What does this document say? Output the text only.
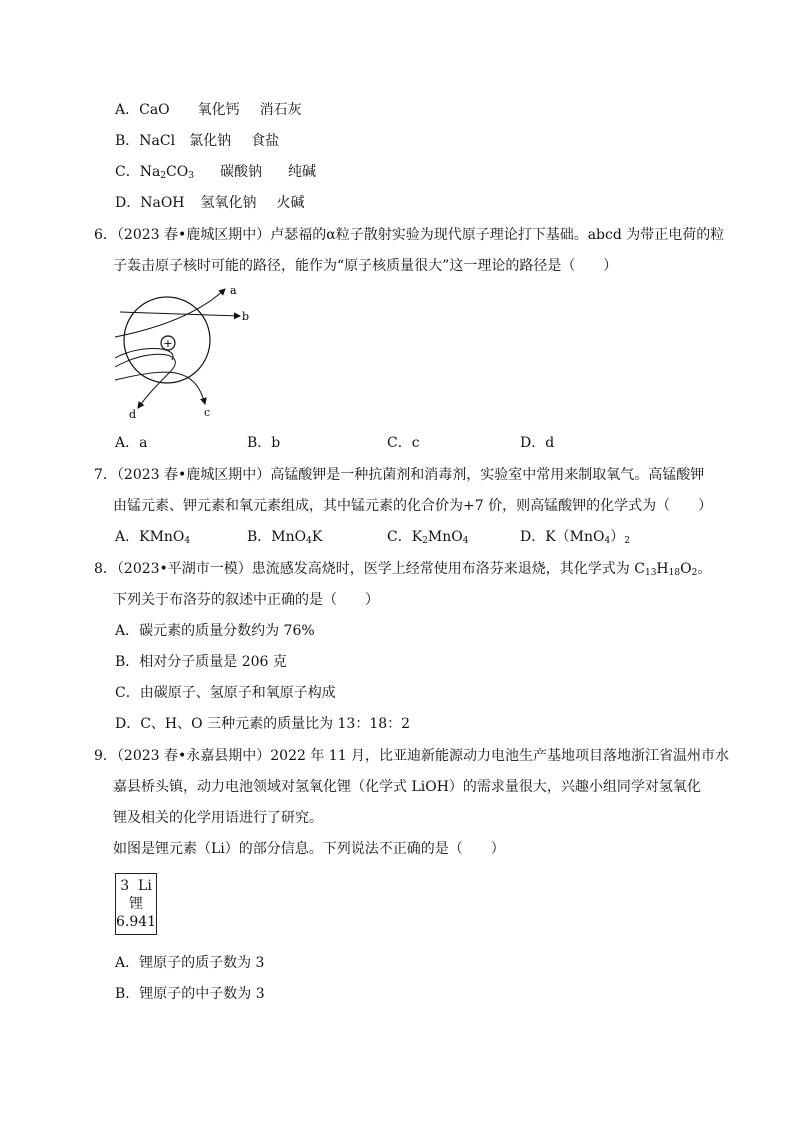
A．CaO 氧化钙 消石灰
B．NaCl 氯化钠 食盐
C．$Na_2CO_3$ 碳酸钠 纯碱
D．NaOH 氢氧化钠 火碱
6．（2023 春•鹿城区期中）卢瑟福的α粒子散射实验为现代原子理论打下基础。abcd 为带正电荷的粒
子轰击原子核时可能的路径，能作为“原子核质量很大”这一理论的路径是（　　）
+
a
b
d	c
A．a	B．b	C．c	D．d
7．（2023 春•鹿城区期中）高锰酸钾是一种抗菌剂和消毒剂，实验室中常用来制取氧气。高锰酸钾
由锰元素、钾元素和氧元素组成，其中锰元素的化合价为+7 价，则高锰酸钾的化学式为（　　）
A．KMnO$_4$	B．MnO$_4$K	C．$K_2MnO_4$	D．$K(MnO_4)_2$
8．（2023•平湖市一模）患流感发高烧时，医学上经常使用布洛芬来退烧，其化学式为 $C_{13}H_{18}O_2$。
下列关于布洛芬的叙述中正确的是（　　）
A．碳元素的质量分数约为 76%
B．相对分子质量是 206 克
C．由碳原子、氢原子和氧原子构成
D．C、H、O 三种元素的质量比为 13：18：2
9．（2023 春•永嘉县期中）2022 年 11 月，比亚迪新能源动力电池生产基地项目落地浙江省温州市水
嘉县桥头镇，动力电池领域对氢氧化锂（化学式 LiOH）的需求量很大，兴趣小组同学对氢氧化
锂及相关的化学用语进行了研究。
如图是锂元素（Li）的部分信息。下列说法不正确的是（　　）
3 Li
锂
6.941
A．锂原子的质子数为 3
B．锂原子的中子数为 3
